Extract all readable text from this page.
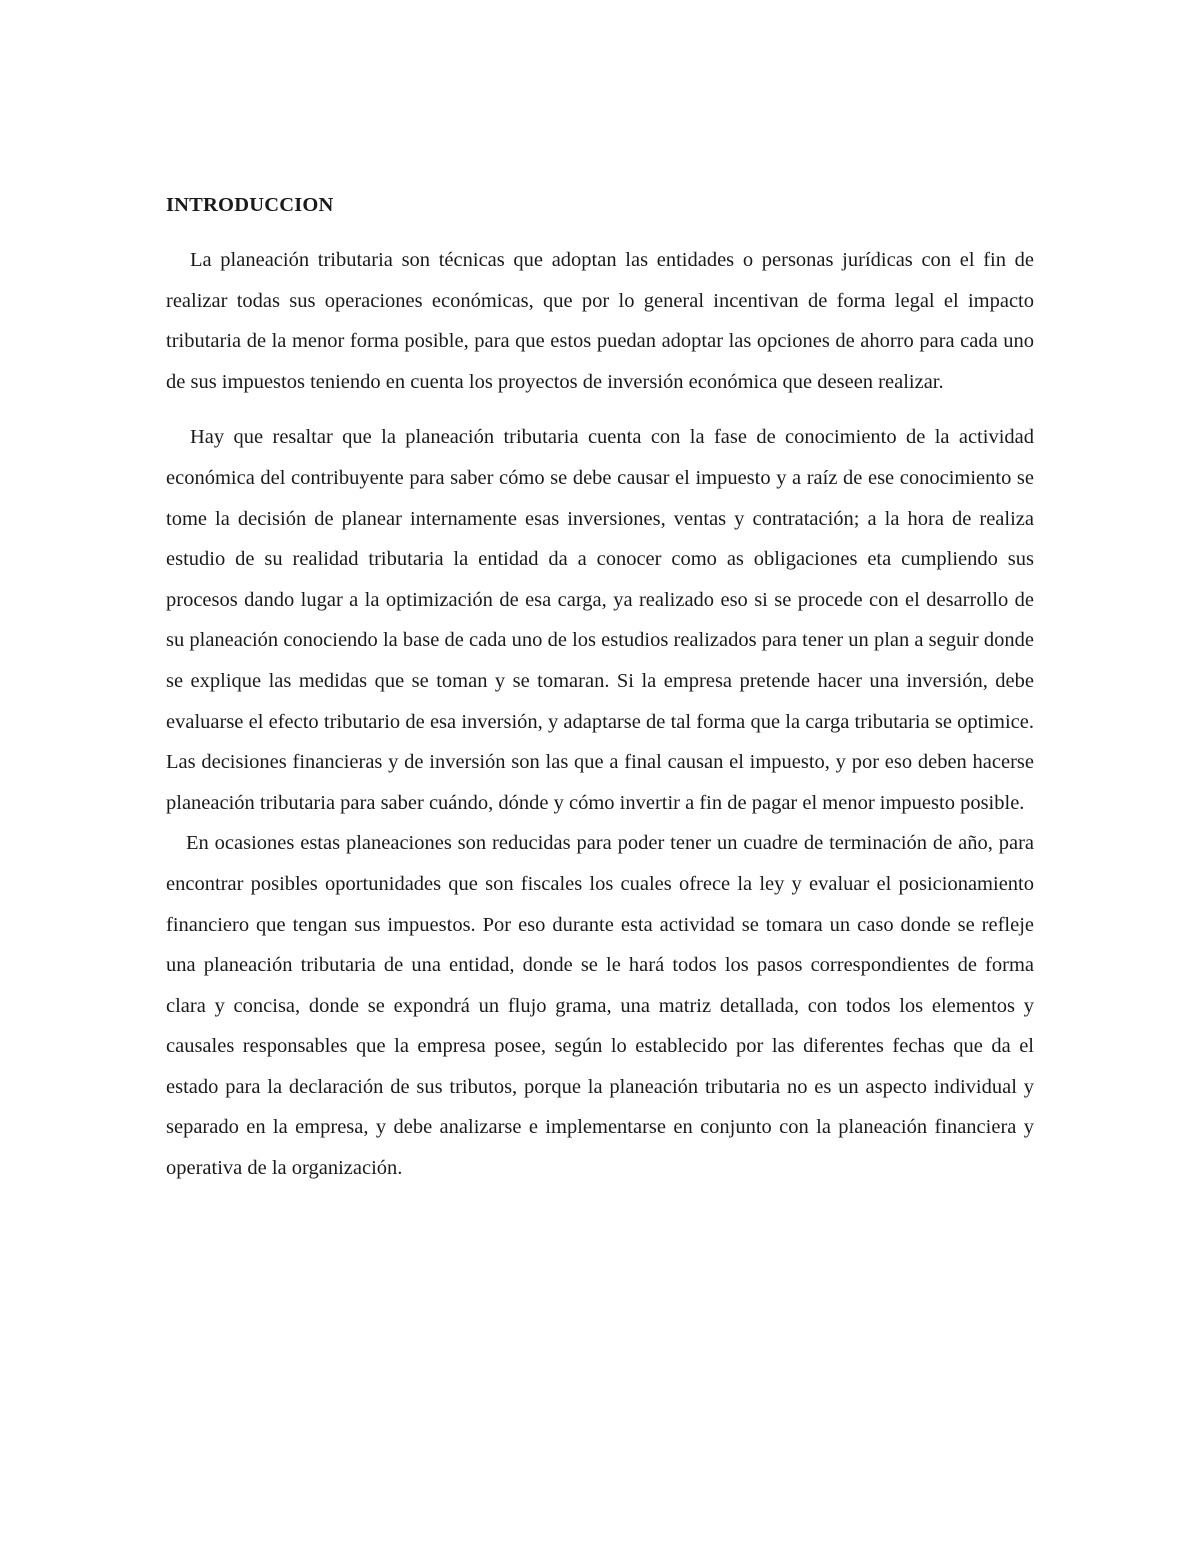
INTRODUCCION

La planeación tributaria son técnicas que adoptan las entidades o personas jurídicas con el fin de realizar todas sus operaciones económicas, que por lo general incentivan de forma legal el impacto tributaria de la menor forma posible, para que estos puedan adoptar las opciones de ahorro para cada uno de sus impuestos teniendo en cuenta los proyectos de inversión económica que deseen realizar.

Hay que resaltar que la planeación tributaria cuenta con la fase de conocimiento de la actividad económica del contribuyente para saber cómo se debe causar el impuesto y a raíz de ese conocimiento se tome la decisión de planear internamente esas inversiones, ventas y contratación; a la hora de realiza estudio de su realidad tributaria la entidad da a conocer como as obligaciones eta cumpliendo sus procesos dando lugar a la optimización de esa carga, ya realizado eso si se procede con el desarrollo de su planeación conociendo la base de cada uno de los estudios realizados para tener un plan a seguir donde se explique las medidas que se toman y se tomaran. Si la empresa pretende hacer una inversión, debe evaluarse el efecto tributario de esa inversión, y adaptarse de tal forma que la carga tributaria se optimice. Las decisiones financieras y de inversión son las que a final causan el impuesto, y por eso deben hacerse planeación tributaria para saber cuándo, dónde y cómo invertir a fin de pagar el menor impuesto posible.

En ocasiones estas planeaciones son reducidas para poder tener un cuadre de terminación de año, para encontrar posibles oportunidades que son fiscales los cuales ofrece la ley y evaluar el posicionamiento financiero que tengan sus impuestos. Por eso durante esta actividad se tomara un caso donde se refleje una planeación tributaria de una entidad, donde se le hará todos los pasos correspondientes de forma clara y concisa, donde se expondrá un flujo grama, una matriz detallada, con todos los elementos y causales responsables que la empresa posee, según lo establecido por las diferentes fechas que da el estado para la declaración de sus tributos, porque la planeación tributaria no es un aspecto individual y separado en la empresa, y debe analizarse e implementarse en conjunto con la planeación financiera y operativa de la organización.
